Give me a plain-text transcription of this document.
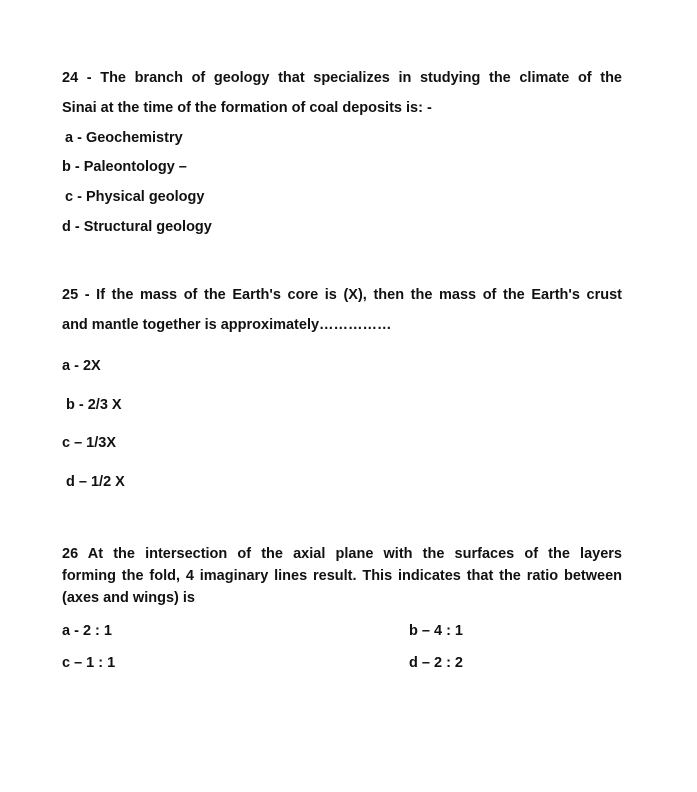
24 - The branch of geology that specializes in studying the climate of the
Sinai at the time of the formation of coal deposits is: -
a - Geochemistry
b - Paleontology –
c - Physical geology
d - Structural geology
25 - If the mass of the Earth's core is (X), then the mass of the Earth's crust
and mantle together is approximately……………
a - 2X
b - 2/3 X
c – 1/3X
d – 1/2 X
26 At the intersection of the axial plane with the surfaces of the layers
forming the fold, 4 imaginary lines result. This indicates that the ratio between
(axes and wings) is
a - 2 : 1	b – 4 : 1
c – 1 : 1	d – 2 : 2
